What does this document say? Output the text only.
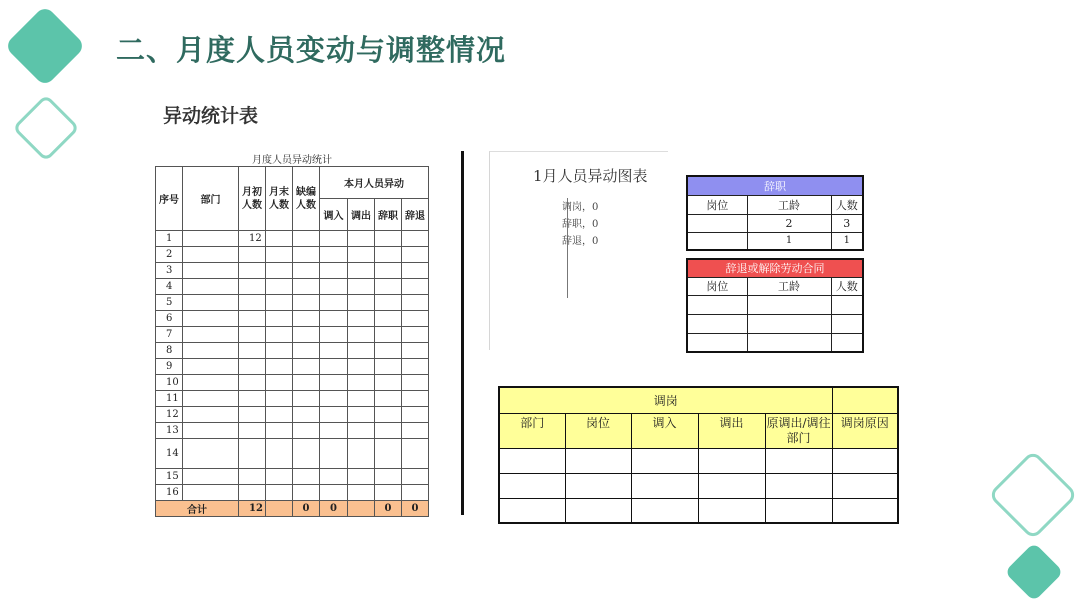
二、月度人员变动与调整情况
异动统计表
月度人员异动统计								
序号	部门	月初人数	月末人数	缺编人数	本月人员异动			
					调入	调出	辞职	辞退
1		12						
2								
3								
4								
5								
6								
7								
8								
9								
10								
11								
12								
13								
14								
15								
16								
合计		12		0	0		0	0
1月人员异动图表
调岗，0
辞职，0
辞退，0
辞职		
岗位	工龄	人数
	2	3
	1	1
辞退或解除劳动合同		
岗位	工龄	人数

调岗					
部门	岗位	调入	调出	原调出/调往部门	调岗原因
